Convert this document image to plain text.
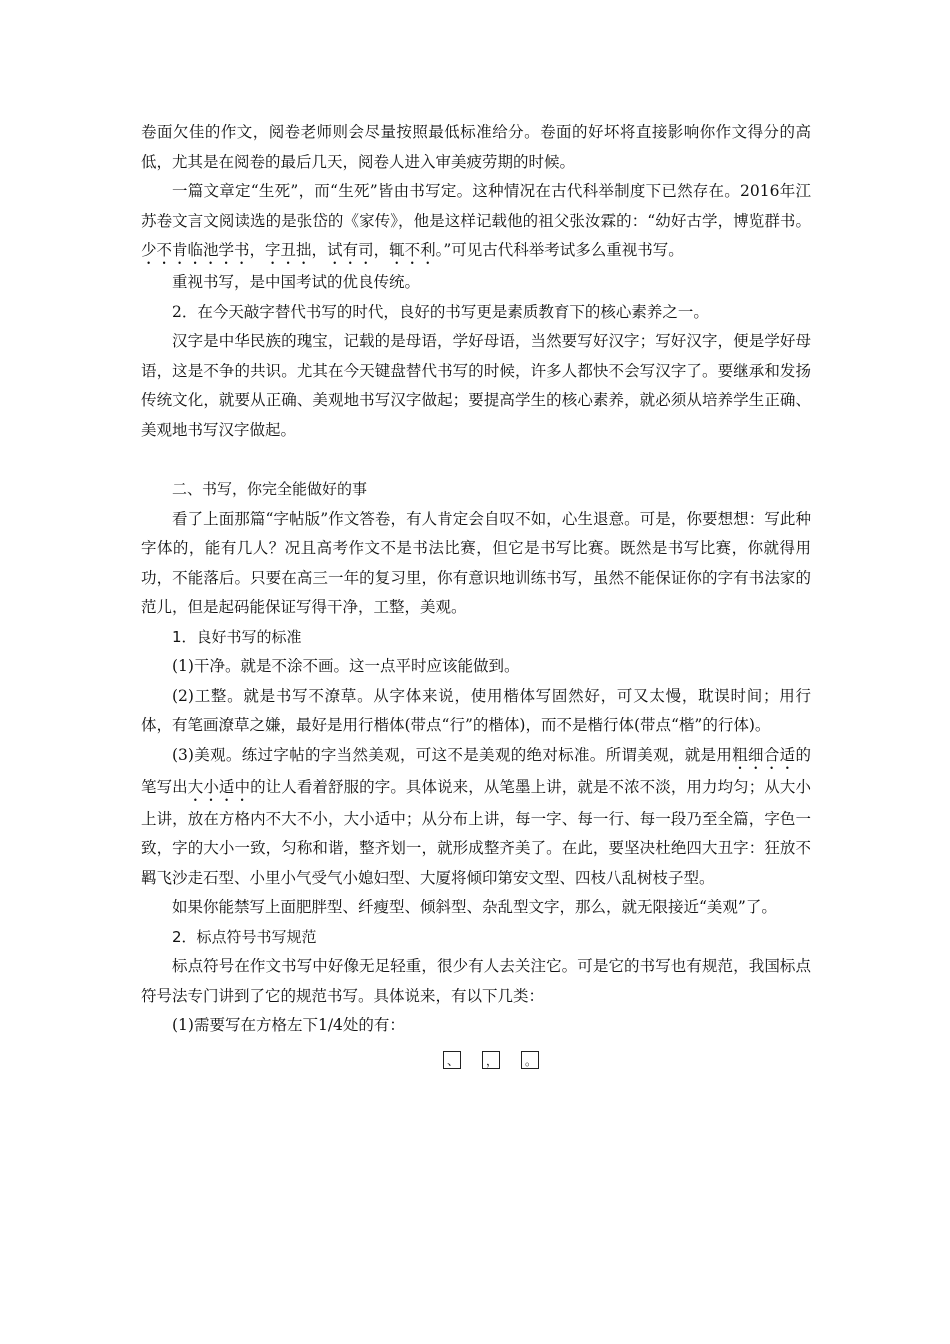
卷面欠佳的作文，阅卷老师则会尽量按照最低标准给分。卷面的好坏将直接影响你作文得分的高低，尤其是在阅卷的最后几天，阅卷人进入审美疲劳期的时候。

一篇文章定“生死”，而“生死”皆由书写定。这种情况在古代科举制度下已然存在。2016年江苏卷文言文阅读选的是张岱的《家传》，他是这样记载他的祖父张汝霖的：“幼好古学，博览群书。少不肯临池学书，字丑拙，试有司，辄不利。”可见古代科举考试多么重视书写。

重视书写，是中国考试的优良传统。

2．在今天敲字替代书写的时代，良好的书写更是素质教育下的核心素养之一。

汉字是中华民族的瑰宝，记载的是母语，学好母语，当然要写好汉字；写好汉字，便是学好母语，这是不争的共识。尤其在今天键盘替代书写的时候，许多人都快不会写汉字了。要继承和发扬传统文化，就要从正确、美观地书写汉字做起；要提高学生的核心素养，就必须从培养学生正确、美观地书写汉字做起。

二、书写，你完全能做好的事

看了上面那篇“字帖版”作文答卷，有人肯定会自叹不如，心生退意。可是，你要想想：写此种字体的，能有几人？况且高考作文不是书法比赛，但它是书写比赛。既然是书写比赛，你就得用功，不能落后。只要在高三一年的复习里，你有意识地训练书写，虽然不能保证你的字有书法家的范儿，但是起码能保证写得干净，工整，美观。

1．良好书写的标准

(1)干净。就是不涂不画。这一点平时应该能做到。

(2)工整。就是书写不潦草。从字体来说，使用楷体写固然好，可又太慢，耽误时间；用行体，有笔画潦草之嫌，最好是用行楷体(带点“行”的楷体)，而不是楷行体(带点“楷”的行体)。

(3)美观。练过字帖的字当然美观，可这不是美观的绝对标准。所谓美观，就是用粗细合适的笔写出大小适中的让人看着舒服的字。具体说来，从笔墨上讲，就是不浓不淡，用力均匀；从大小上讲，放在方格内不大不小，大小适中；从分布上讲，每一字、每一行、每一段乃至全篇，字色一致，字的大小一致，匀称和谐，整齐划一，就形成整齐美了。在此，要坚决杜绝四大丑字：狂放不羁飞沙走石型、小里小气受气小媳妇型、大厦将倾印第安文型、四枝八乱树枝子型。

如果你能禁写上面肥胖型、纤瘦型、倾斜型、杂乱型文字，那么，就无限接近“美观”了。

2．标点符号书写规范

标点符号在作文书写中好像无足轻重，很少有人去关注它。可是它的书写也有规范，我国标点符号法专门讲到了它的规范书写。具体说来，有以下几类：

(1)需要写在方格左下1/4处的有：

、 ， 。
